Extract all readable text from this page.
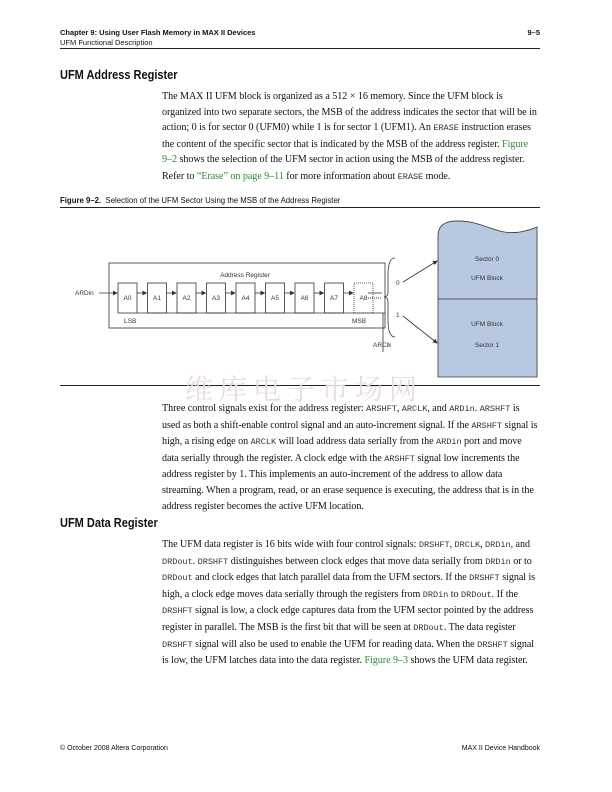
Chapter 9: Using User Flash Memory in MAX II Devices
UFM Functional Description
9–5
UFM Address Register
The MAX II UFM block is organized as a 512 × 16 memory. Since the UFM block is organized into two separate sectors, the MSB of the address indicates the sector that will be in action; 0 is for sector 0 (UFM0) while 1 is for sector 1 (UFM1). An ERASE instruction erases the content of the specific sector that is indicated by the MSB of the address register. Figure 9–2 shows the selection of the UFM sector in action using the MSB of the address register.
Refer to “Erase” on page 9–11 for more information about ERASE mode.
Figure 9–2. Selection of the UFM Sector Using the MSB of the Address Register
Sector 0
UFM Block
UFM Block
Sector 1
Address Register
ARDin
A0	A1	A2	A3	A4	A5	A6	A7	A8
LSB	MSB
ARClk
0
1
维库电子市场网
Three control signals exist for the address register: ARSHFT, ARCLK, and ARDin. ARSHFT is used as both a shift-enable control signal and an auto-increment signal. If the ARSHFT signal is high, a rising edge on ARCLK will load address data serially from the ARDin port and move data serially through the register. A clock edge with the ARSHFT signal low increments the address register by 1. This implements an auto-increment of the address to allow data streaming. When a program, read, or an erase sequence is executing, the address that is in the address register becomes the active UFM location.
UFM Data Register
The UFM data register is 16 bits wide with four control signals: DRSHFT, DRCLK, DRDin, and DRDout. DRSHFT distinguishes between clock edges that move data serially from DRDin or to DRDout and clock edges that latch parallel data from the UFM sectors. If the DRSHFT signal is high, a clock edge moves data serially through the registers from DRDin to DRDout. If the DRSHFT signal is low, a clock edge captures data from the UFM sector pointed by the address register in parallel. The MSB is the first bit that will be seen at DRDout. The data register DRSHFT signal will also be used to enable the UFM for reading data. When the DRSHFT signal is low, the UFM latches data into the data register. Figure 9–3 shows the UFM data register.
© October 2008 Altera Corporation	MAX II Device Handbook
